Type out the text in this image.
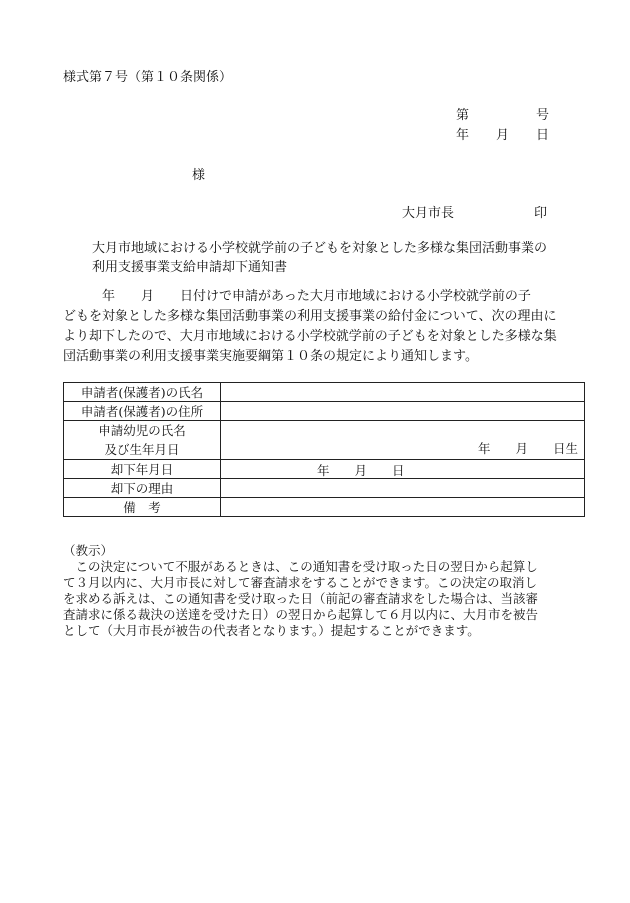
様式第７号（第１０条関係）
第	号
年 月 日
様
大月市長	印
大月市地域における小学校就学前の子どもを対象とした多様な集団活動事業の
利用支援事業支給申請却下通知書
　　　年　　月　　日付けで申請があった大月市地域における小学校就学前の子
どもを対象とした多様な集団活動事業の利用支援事業の給付金について、次の理由に
より却下したので、大月市地域における小学校就学前の子どもを対象とした多様な集
団活動事業の利用支援事業実施要綱第１０条の規定により通知します。
申請者(保護者)の氏名	
申請者(保護者)の住所	

申請幼児の氏名
及び生年月日	年　　月　　日生

却下年月日	年　　月　　日

却下の理由	
備　考	
（教示）
　この決定について不服があるときは、この通知書を受け取った日の翌日から起算し
て３月以内に、大月市長に対して審査請求をすることができます。この決定の取消し
を求める訴えは、この通知書を受け取った日（前記の審査請求をした場合は、当該審
査請求に係る裁決の送達を受けた日）の翌日から起算して６月以内に、大月市を被告
として（大月市長が被告の代表者となります。）提起することができます。
